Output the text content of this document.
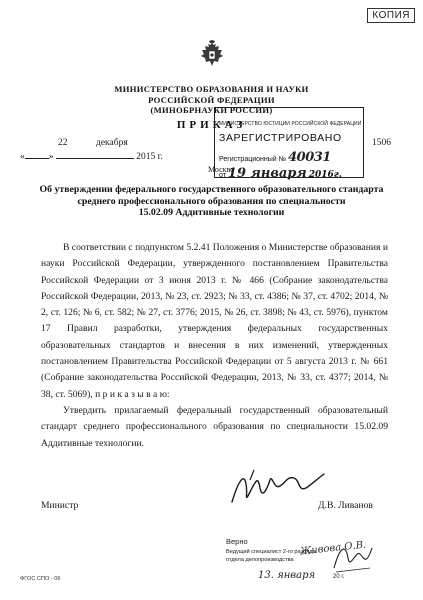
КОПИЯ
МИНИСТЕРСТВО ОБРАЗОВАНИЯ И НАУКИ
РОССИЙСКОЙ ФЕДЕРАЦИИ
(МИНОБРНАУКИ РОССИИ)
ПРИКАЗ
МИНИСТЕРСТВО ЮСТИЦИИ РОССИЙСКОЙ ФЕДЕРАЦИИ
ЗАРЕГИСТРИРОВАНО
Регистрационный № 40031
от 19 января 2016г.
22	декабря
«	»	2015 г.
1506
Москва
Об утверждении федерального государственного образовательного стандарта
среднего профессионального образования по специальности
15.02.09 Аддитивные технологии

В соответствии с подпунктом 5.2.41 Положения о Министерстве образования и науки Российской Федерации, утвержденного постановлением Правительства Российской Федерации от 3 июня 2013 г. № 466 (Собрание законодательства Российской Федерации, 2013, № 23, ст. 2923; № 33, ст. 4386; № 37, ст. 4702; 2014, № 2, ст. 126; № 6, ст. 582; № 27, ст. 3776; 2015, № 26, ст. 3898; № 43, ст. 5976), пунктом 17 Правил разработки, утверждения федеральных государственных образовательных стандартов и внесения в них изменений, утвержденных постановлением Правительства Российской Федерации от 5 августа 2013 г. № 661 (Собрание законодательства Российской Федерации, 2013, № 33, ст. 4377; 2014, № 38, ст. 5069), п р и к а з ы в а ю:

Утвердить прилагаемый федеральный государственный образовательный стандарт среднего профессионального образования по специальности 15.02.09 Аддитивные технологии.

Министр	Д.В. Ливанов
Верно
Ведущий специалист 2-го разряда
отдела делопроизводства
Живова О.В.
13. января	20 г.
ФГОС СПО - 06
